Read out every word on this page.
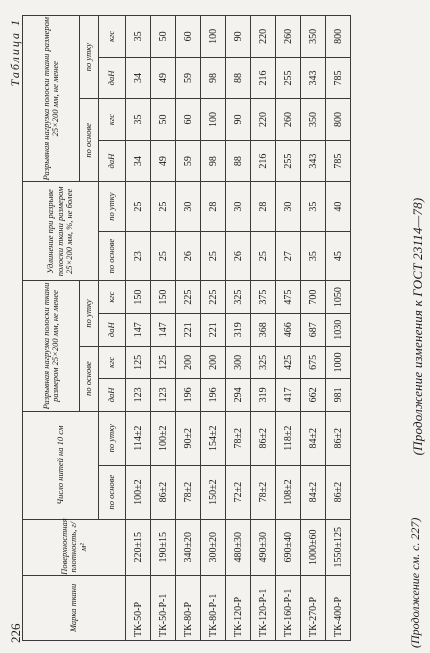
226
Таблица 1
Марка ткани	Поверхностная плотность, г/м²	Число нитей на 10 см		Разрывная нагрузка полоски ткани размером 25×200 мм, не менее				Удлинение при разрыве полоски ткани размером 25×200 мм, %, не более		Разрывная нагрузка полоски ткани размером 25×200 мм, не менее			
				по основе		по утку				по основе		по утку	
		по основе	по утку	даН	кгс	даН	кгс	по основе	по утку	даН	кгс	даН	кгс
ТК-50-Р	220±15	100±2	114±2	123	125	147	150	23	25	34	35	34	35
ТК-50-Р-1	190±15	86±2	100±2	123	125	147	150	25	25	49	50	49	50
ТК-80-Р	340±20	78±2	90±2	196	200	221	225	26	30	59	60	59	60
ТК-80-Р-1	300±20	150±2	154±2	196	200	221	225	25	28	98	100	98	100
ТК-120-Р	480±30	72±2	78±2	294	300	319	325	26	30	88	90	88	90
ТК-120-Р-1	490±30	78±2	86±2	319	325	368	375	25	28	216	220	216	220
ТК-160-Р-1	690±40	108±2	118±2	417	425	466	475	27	30	255	260	255	260
ТК-270-Р	1000±60	84±2	84±2	662	675	687	700	35	35	343	350	343	350
ТК-400-Р	1550±125	86±2	86±2	981	1000	1030	1050	45	40	785	800	785	800
(Продолжение изменения к ГОСТ 23114—78)
(Продолжение см. с. 227)
